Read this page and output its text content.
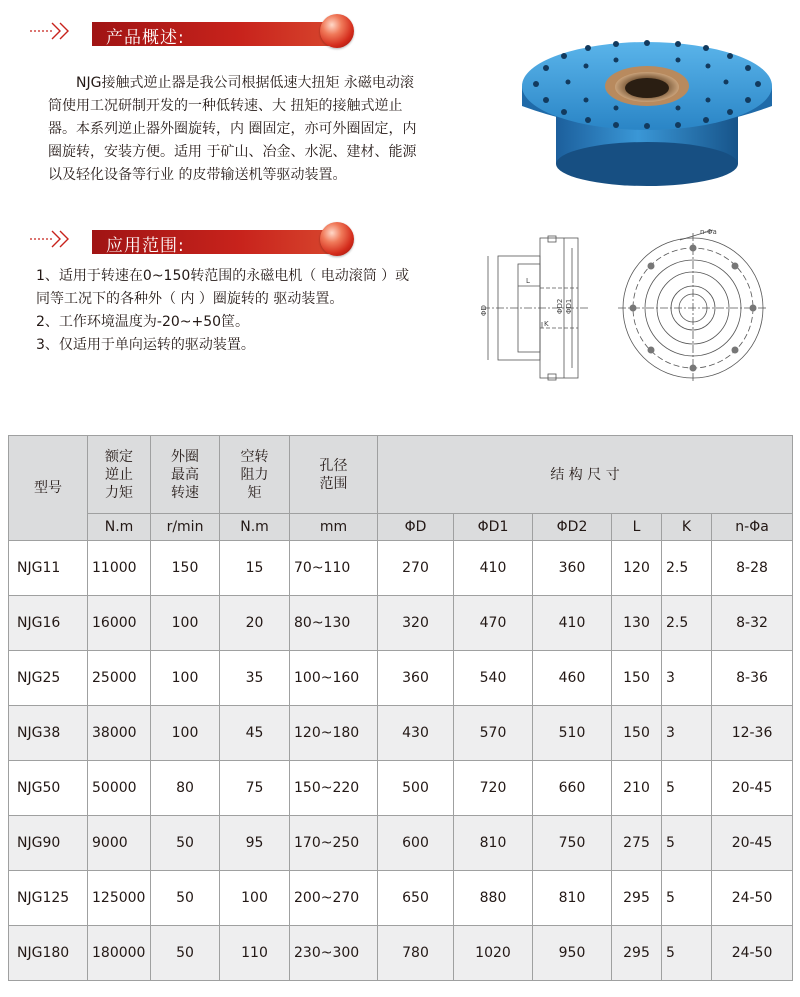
产品概述:
NJG接触式逆止器是我公司根据低速大扭矩 永磁电动滚
筒使用工况研制开发的一种低转速、大 扭矩的接触式逆止
器。本系列逆止器外圈旋转，内 圈固定，亦可外圈固定，内
圈旋转，安装方便。适用 于矿山、冶金、水泥、建材、能源
以及轻化设备等行业 的皮带输送机等驱动装置。
应用范围:
1、适用于转速在0~150转范围的永磁电机（ 电动滚筒 ）或
同等工况下的各种外（ 内 ）圈旋转的 驱动装置。
2、工作环境温度为-20~+50筐。
3、仅适用于单向运转的驱动装置。
n-Φa
ΦD	ΦD2 ΦD1
L
K
型号	额定
逆止
力矩	外圈
最高
转速	空转
阻力
矩	孔径
范围	结 构 尺 寸					
	N.m	r/min	N.m	mm	ΦD	ΦD1	ΦD2	L	K	n-Φa
NJG11	11000	150	15	70~110	270	410	360	120	2.5	8-28
NJG16	16000	100	20	80~130	320	470	410	130	2.5	8-32
NJG25	25000	100	35	100~160	360	540	460	150	3	8-36
NJG38	38000	100	45	120~180	430	570	510	150	3	12-36
NJG50	50000	80	75	150~220	500	720	660	210	5	20-45
NJG90	9000	50	95	170~250	600	810	750	275	5	20-45
NJG125	125000	50	100	200~270	650	880	810	295	5	24-50
NJG180	180000	50	110	230~300	780	1020	950	295	5	24-50
